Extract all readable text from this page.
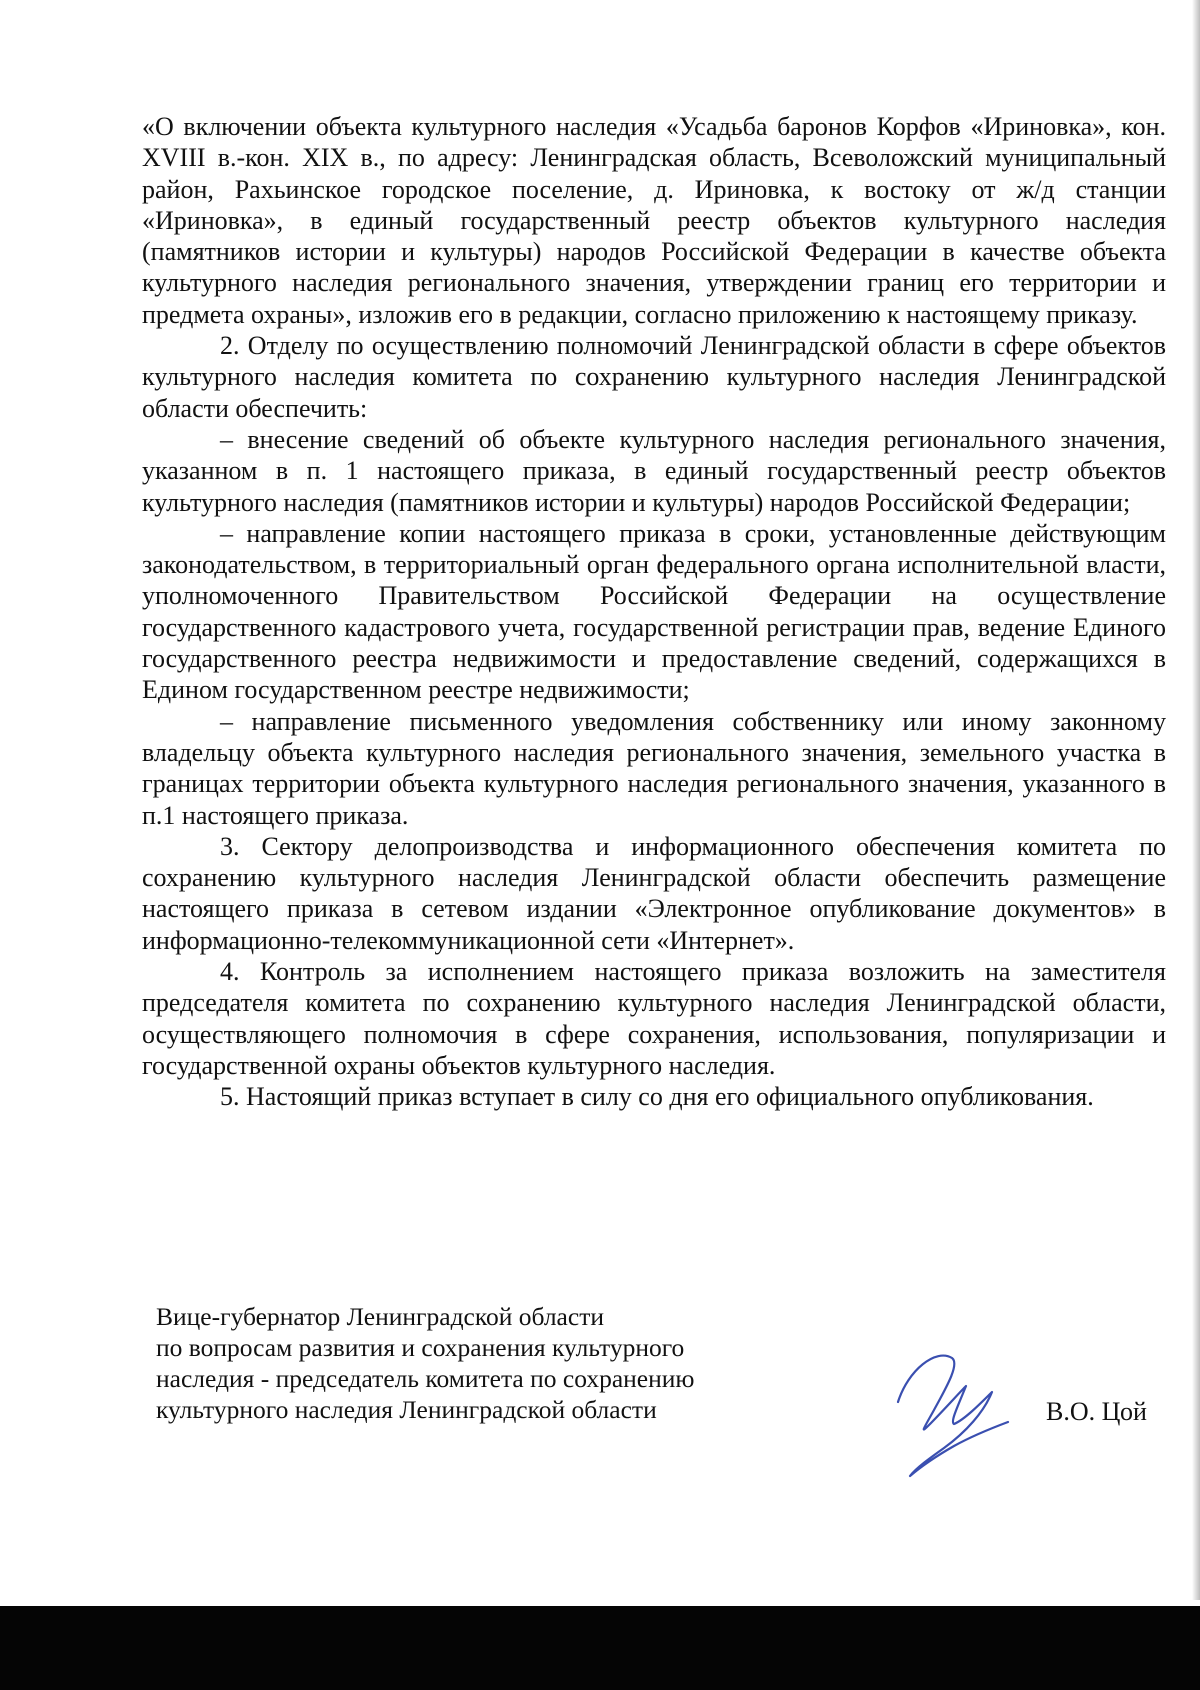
«О включении объекта культурного наследия «Усадьба баронов Корфов «Ириновка», кон. XVIII в.-кон. XIX в., по адресу: Ленинградская область, Всеволожский муниципальный район, Рахьинское городское поселение, д. Ириновка, к востоку от ж/д станции «Ириновка», в единый государственный реестр объектов культурного наследия (памятников истории и культуры) народов Российской Федерации в качестве объекта культурного наследия регионального значения, утверждении границ его территории и предмета охраны», изложив его в редакции, согласно приложению к настоящему приказу.

2. Отделу по осуществлению полномочий Ленинградской области в сфере объектов культурного наследия комитета по сохранению культурного наследия Ленинградской области обеспечить:

– внесение сведений об объекте культурного наследия регионального значения, указанном в п. 1 настоящего приказа, в единый государственный реестр объектов культурного наследия (памятников истории и культуры) народов Российской Федерации;

– направление копии настоящего приказа в сроки, установленные действующим законодательством, в территориальный орган федерального органа исполнительной власти, уполномоченного Правительством Российской Федерации на осуществление государственного кадастрового учета, государственной регистрации прав, ведение Единого государственного реестра недвижимости и предоставление сведений, содержащихся в Едином государственном реестре недвижимости;

– направление письменного уведомления собственнику или иному законному владельцу объекта культурного наследия регионального значения, земельного участка в границах территории объекта культурного наследия регионального значения, указанного в п.1 настоящего приказа.

3. Сектору делопроизводства и информационного обеспечения комитета по сохранению культурного наследия Ленинградской области обеспечить размещение настоящего приказа в сетевом издании «Электронное опубликование документов» в информационно-телекоммуникационной сети «Интернет».

4. Контроль за исполнением настоящего приказа возложить на заместителя председателя комитета по сохранению культурного наследия Ленинградской области, осуществляющего полномочия в сфере сохранения, использования, популяризации и государственной охраны объектов культурного наследия.

5. Настоящий приказ вступает в силу со дня его официального опубликования.

Вице-губернатор Ленинградской области
по вопросам развития и сохранения культурного
наследия - председатель комитета по сохранению
культурного наследия Ленинградской области	В.О. Цой
